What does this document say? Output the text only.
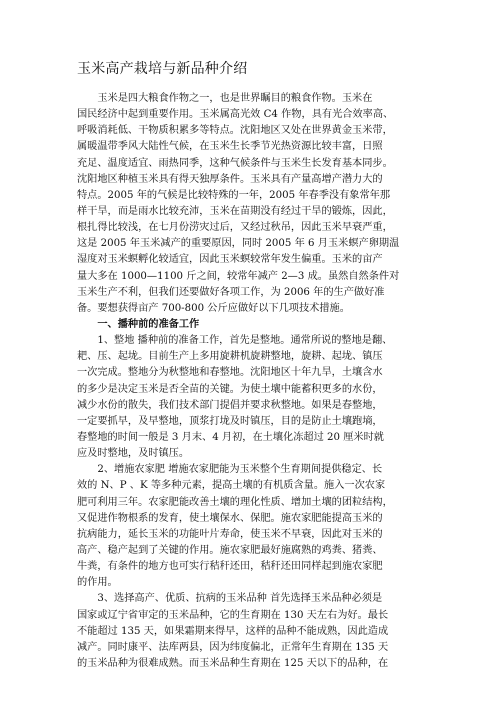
玉米高产栽培与新品种介绍
　　玉米是四大粮食作物之一，也是世界瞩目的粮食作物。玉米在
国民经济中起到重要作用。玉米属高光效 C4 作物，具有光合效率高、
呼吸消耗低、干物质积累多等特点。沈阳地区又处在世界黄金玉米带，
属暖温带季风大陆性气候，在玉米生长季节光热资源比较丰富，日照
充足、温度适宜、雨热同季，这种气候条件与玉米生长发育基本同步。
沈阳地区种植玉米具有得天独厚条件。玉米具有产量高增产潜力大的
特点。2005 年的气候是比较特殊的一年，2005 年春季没有象常年那
样干旱，而是雨水比较充沛，玉米在苗期没有经过干旱的锻炼，因此，
根扎得比较浅，在七月份涝灾过后，又经过秋吊，因此玉米早衰严重，
这是 2005 年玉米减产的重要原因，同时 2005 年 6 月玉米螟产卵期温
湿度对玉米螟孵化较适宜，因此玉米螟较常年发生偏重。玉米的亩产
量大多在 1000—1100 斤之间，较常年减产 2—3 成。虽然自然条件对
玉米生产不利，但我们还要做好各项工作，为 2006 年的生产做好准
备。要想获得亩产 700-800 公斤应做好以下几项技术措施。
　　一、播种前的准备工作
　　1、整地 播种前的准备工作，首先是整地。通常所说的整地是翻、
耙、压、起垅。目前生产上多用旋耕机旋耕整地，旋耕、起垅、镇压
一次完成。整地分为秋整地和春整地。沈阳地区十年九旱，土壤含水
的多少是决定玉米是否全苗的关键。为使土壤中能蓄积更多的水份，
减少水份的散失，我们技术部门提倡并要求秋整地。如果是春整地，
一定要抓早，及早整地，顶浆打垅及时镇压，目的是防止土壤跑墒，
春整地的时间一般是 3 月末、4 月初，在土壤化冻超过 20 厘米时就
应及时整地，及时镇压。
　　2、增施农家肥 增施农家肥能为玉米整个生育期间提供稳定、长
效的 N、P 、K 等多种元素，提高土壤的有机质含量。施入一次农家
肥可利用三年。农家肥能改善土壤的理化性质、增加土壤的团粒结构，
又促进作物根系的发育，使土壤保水、保肥。施农家肥能提高玉米的
抗病能力，延长玉米的功能叶片寿命，使玉米不早衰，因此对玉米的
高产、稳产起到了关键的作用。施农家肥最好施腐熟的鸡粪、猪粪、
牛粪，有条件的地方也可实行秸秆还田，秸秆还田同样起到施农家肥
的作用。
　　3、选择高产、优质、抗病的玉米品种 首先选择玉米品种必须是
国家或辽宁省审定的玉米品种，它的生育期在 130 天左右为好。最长
不能超过 135 天，如果霜期来得早，这样的品种不能成熟，因此造成
减产。同时康平、法库两县，因为纬度偏北，正常年生育期在 135 天
的玉米品种为很难成熟。而玉米品种生育期在 125 天以下的品种，在
